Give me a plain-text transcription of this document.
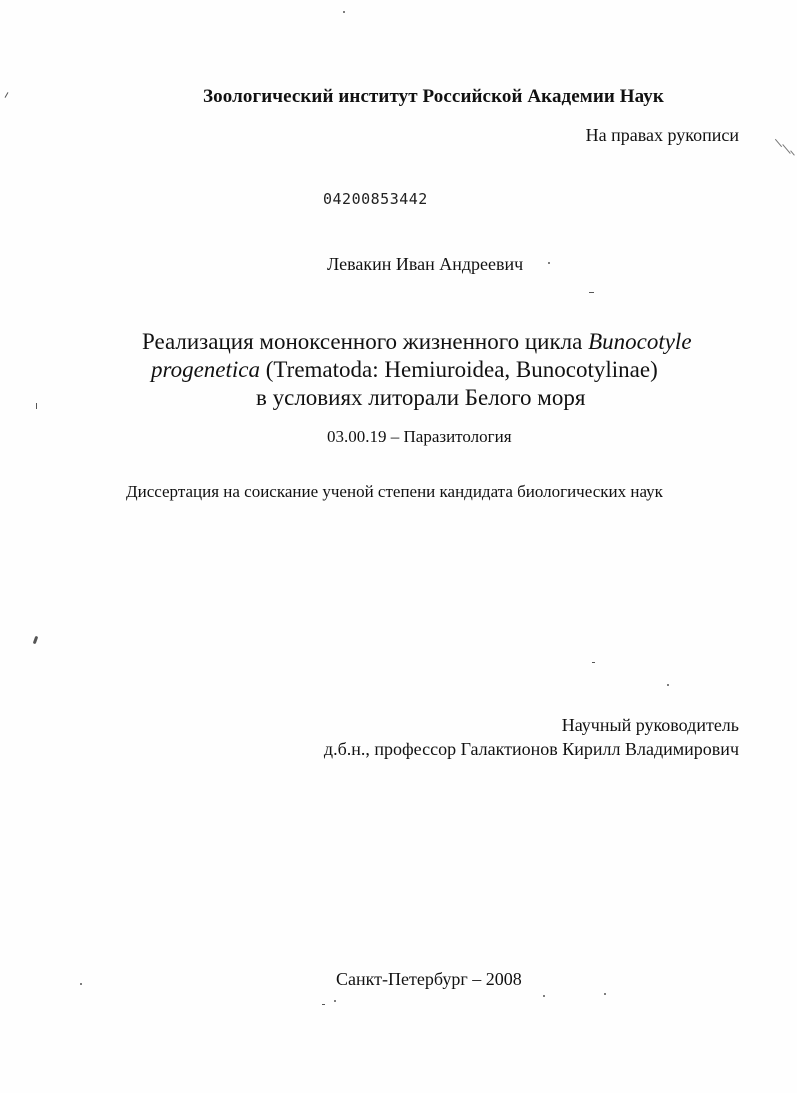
Зоологический институт Российской Академии Наук
На правах рукописи
04200853442
Левакин Иван Андреевич
Реализация моноксенного жизненного цикла Bunocotyle
progenetica (Trematoda: Hemiuroidea, Bunocotylinae)
в условиях литорали Белого моря
03.00.19 – Паразитология
Диссертация на соискание ученой степени кандидата биологических наук
Научный руководитель
д.б.н., профессор Галактионов Кирилл Владимирович
Санкт-Петербург – 2008
